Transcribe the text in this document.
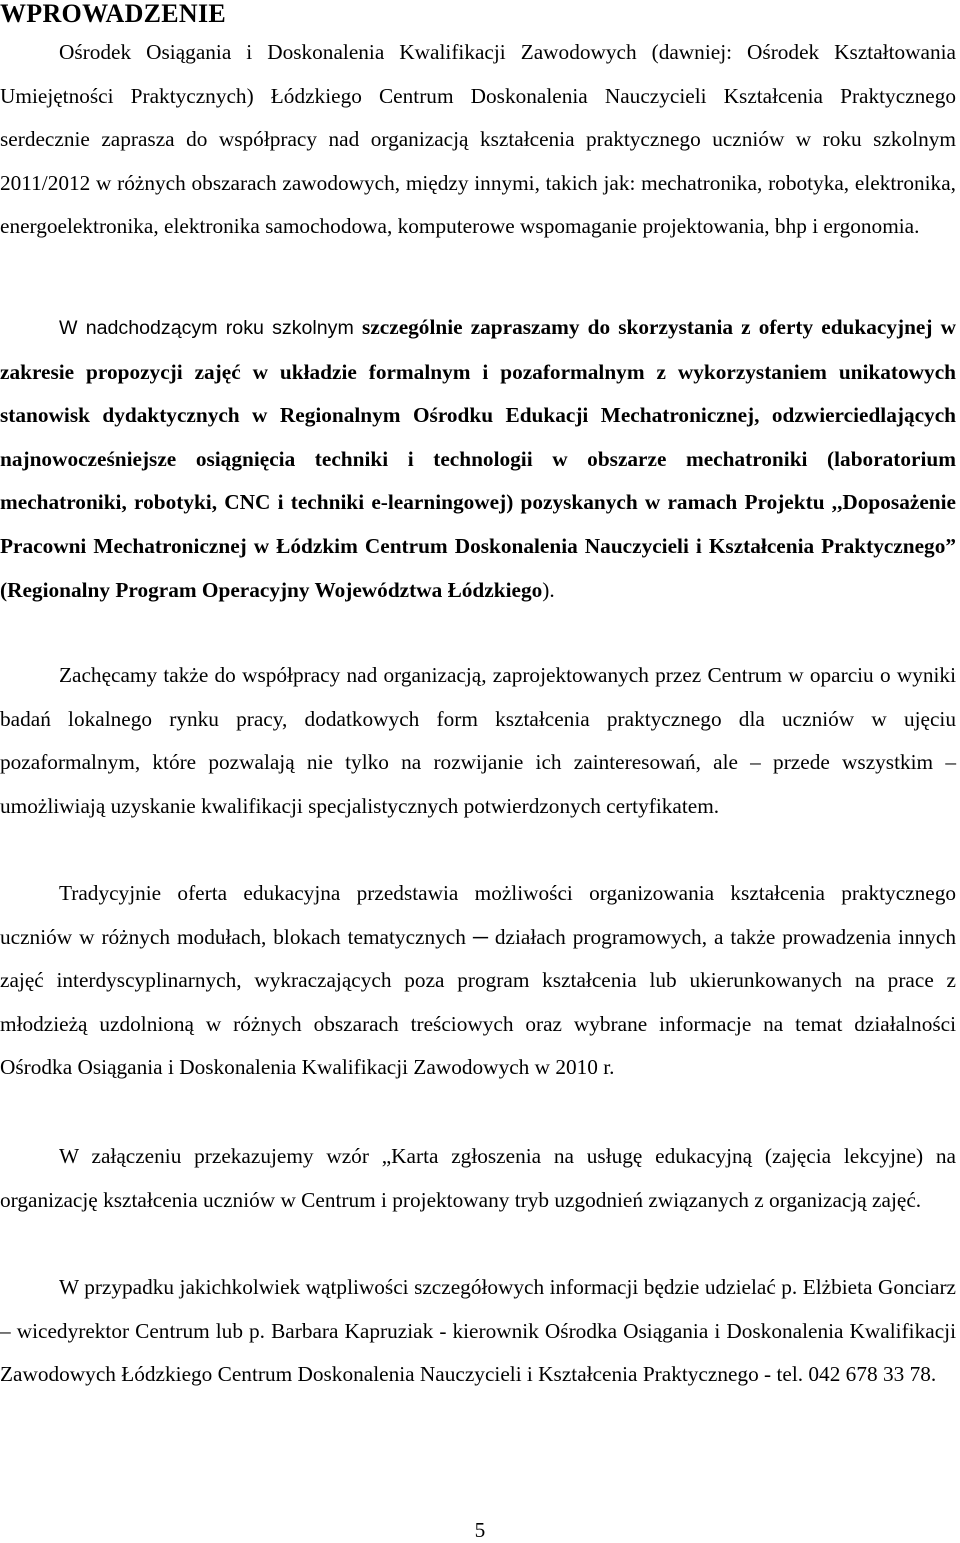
WPROWADZENIE

Ośrodek Osiągania i Doskonalenia Kwalifikacji Zawodowych (dawniej: Ośrodek Kształtowania Umiejętności Praktycznych) Łódzkiego Centrum Doskonalenia Nauczycieli Kształcenia Praktycznego serdecznie zaprasza do współpracy nad organizacją kształcenia praktycznego uczniów w roku szkolnym 2011/2012 w różnych obszarach zawodowych, między innymi, takich jak: mechatronika, robotyka, elektronika, energoelektronika, elektronika samochodowa, komputerowe wspomaganie projektowania, bhp i ergonomia.

W nadchodzącym roku szkolnym szczególnie zapraszamy do skorzystania z oferty edukacyjnej w zakresie propozycji zajęć w układzie formalnym i pozaformalnym z wykorzystaniem unikatowych stanowisk dydaktycznych w Regionalnym Ośrodku Edukacji Mechatronicznej, odzwierciedlających najnowocześniejsze osiągnięcia techniki i technologii w obszarze mechatroniki (laboratorium mechatroniki, robotyki, CNC i techniki e-learningowej) pozyskanych w ramach Projektu ,,Doposażenie Pracowni Mechatronicznej w Łódzkim Centrum Doskonalenia Nauczycieli i Kształcenia Praktycznego” (Regionalny Program Operacyjny Województwa Łódzkiego).

Zachęcamy także do współpracy nad organizacją, zaprojektowanych przez Centrum w oparciu o wyniki badań lokalnego rynku pracy, dodatkowych form kształcenia praktycznego dla uczniów w ujęciu pozaformalnym, które pozwalają nie tylko na rozwijanie ich zainteresowań, ale – przede wszystkim – umożliwiają uzyskanie kwalifikacji specjalistycznych potwierdzonych certyfikatem.

Tradycyjnie oferta edukacyjna przedstawia możliwości organizowania kształcenia praktycznego uczniów w różnych modułach, blokach tematycznych ─ działach programowych, a także prowadzenia innych zajęć interdyscyplinarnych, wykraczających poza program kształcenia lub ukierunkowanych na prace z młodzieżą uzdolnioną w różnych obszarach treściowych oraz wybrane informacje na temat działalności Ośrodka Osiągania i Doskonalenia Kwalifikacji Zawodowych w 2010 r.

W załączeniu przekazujemy wzór „Karta zgłoszenia na usługę edukacyjną (zajęcia lekcyjne) na organizację kształcenia uczniów w Centrum i projektowany tryb uzgodnień związanych z organizacją zajęć.

W przypadku jakichkolwiek wątpliwości szczegółowych informacji będzie udzielać p. Elżbieta Gonciarz – wicedyrektor Centrum lub p. Barbara Kapruziak - kierownik Ośrodka Osiągania i Doskonalenia Kwalifikacji Zawodowych Łódzkiego Centrum Doskonalenia Nauczycieli i Kształcenia Praktycznego - tel. 042 678 33 78.

5
